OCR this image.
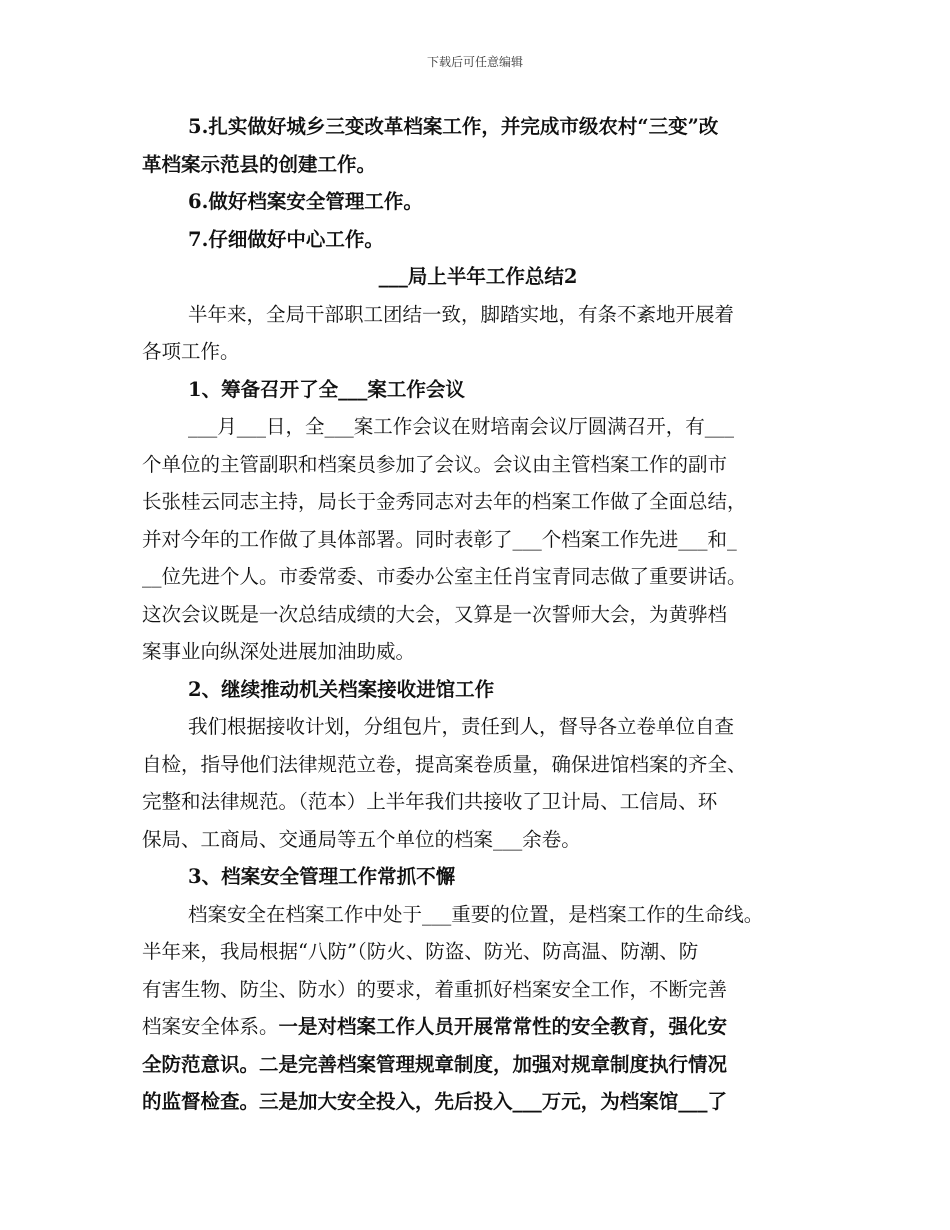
下载后可任意编辑
5.扎实做好城乡三变改革档案工作，并完成市级农村“三变”改
革档案示范县的创建工作。
6.做好档案安全管理工作。
7.仔细做好中心工作。
___局上半年工作总结2
半年来，全局干部职工团结一致，脚踏实地，有条不紊地开展着
各项工作。
1、筹备召开了全___案工作会议
___月___日，全___案工作会议在财培南会议厅圆满召开，有___
个单位的主管副职和档案员参加了会议。会议由主管档案工作的副市
长张桂云同志主持，局长于金秀同志对去年的档案工作做了全面总结，
并对今年的工作做了具体部署。同时表彰了___个档案工作先进___和_
__位先进个人。市委常委、市委办公室主任肖宝青同志做了重要讲话。
这次会议既是一次总结成绩的大会，又算是一次誓师大会，为黄骅档
案事业向纵深处进展加油助威。
2、继续推动机关档案接收进馆工作
我们根据接收计划，分组包片，责任到人，督导各立卷单位自查
自检，指导他们法律规范立卷，提高案卷质量，确保进馆档案的齐全、
完整和法律规范。（范本）上半年我们共接收了卫计局、工信局、环
保局、工商局、交通局等五个单位的档案___余卷。
3、档案安全管理工作常抓不懈
档案安全在档案工作中处于___重要的位置，是档案工作的生命线。
半年来，我局根据“八防”（防火、防盗、防光、防高温、防潮、防
有害生物、防尘、防水）的要求，着重抓好档案安全工作，不断完善
档案安全体系。一是对档案工作人员开展常常性的安全教育，强化安
全防范意识。二是完善档案管理规章制度，加强对规章制度执行情况
的监督检查。三是加大安全投入，先后投入___万元，为档案馆___了
